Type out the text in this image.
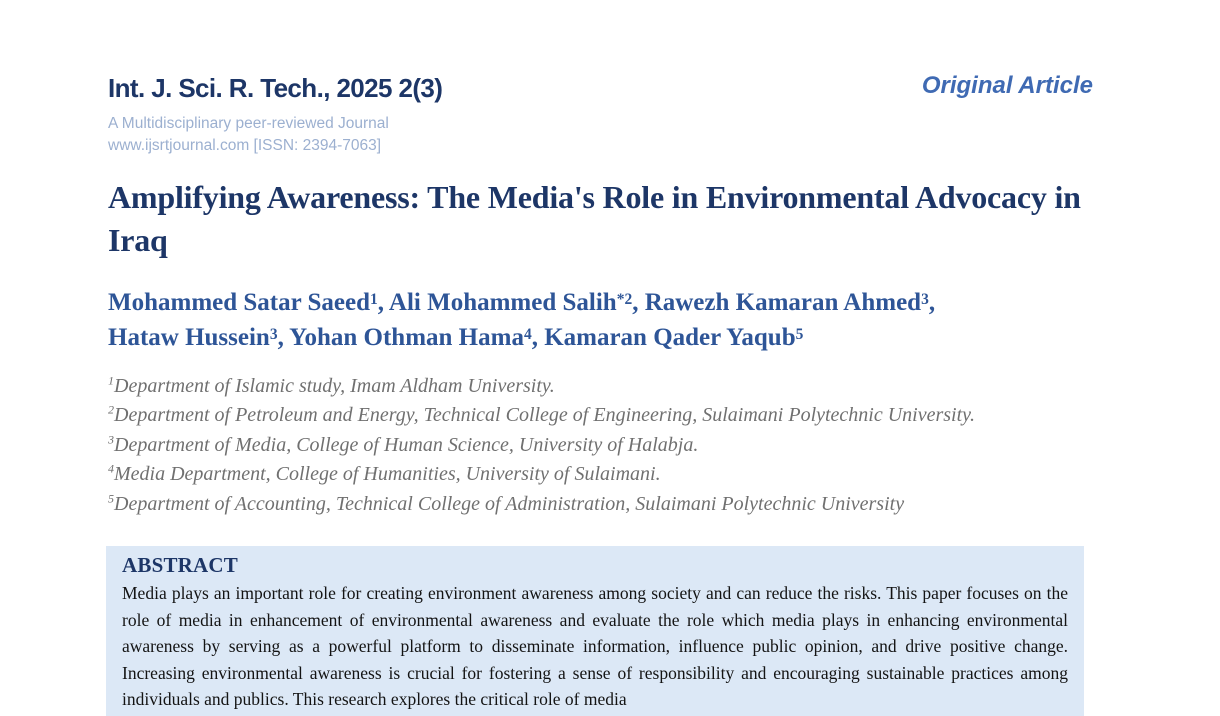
Int. J. Sci. R. Tech., 2025 2(3)
A Multidisciplinary peer-reviewed Journal
www.ijsrtjournal.com [ISSN: 2394-7063]
Original Article
Amplifying Awareness: The Media's Role in Environmental Advocacy in Iraq
Mohammed Satar Saeed$^1$, Ali Mohammed Salih$^{*2}$, Rawezh Kamaran Ahmed$^3$,
Hataw Hussein$^3$, Yohan Othman Hama$^4$, Kamaran Qader Yaqub$^5$
$^1$Department of Islamic study, Imam Aldham University.
$^2$Department of Petroleum and Energy, Technical College of Engineering, Sulaimani Polytechnic University.
$^3$Department of Media, College of Human Science, University of Halabja.
$^4$Media Department, College of Humanities, University of Sulaimani.
$^5$Department of Accounting, Technical College of Administration, Sulaimani Polytechnic University
ABSTRACT
Media plays an important role for creating environment awareness among society and can reduce the risks. This paper focuses on the role of media in enhancement of environmental awareness and evaluate the role which media plays in enhancing environmental awareness by serving as a powerful platform to disseminate information, influence public opinion, and drive positive change. Increasing environmental awareness is crucial for fostering a sense of responsibility and encouraging sustainable practices among individuals and publics. This research explores the critical role of media
